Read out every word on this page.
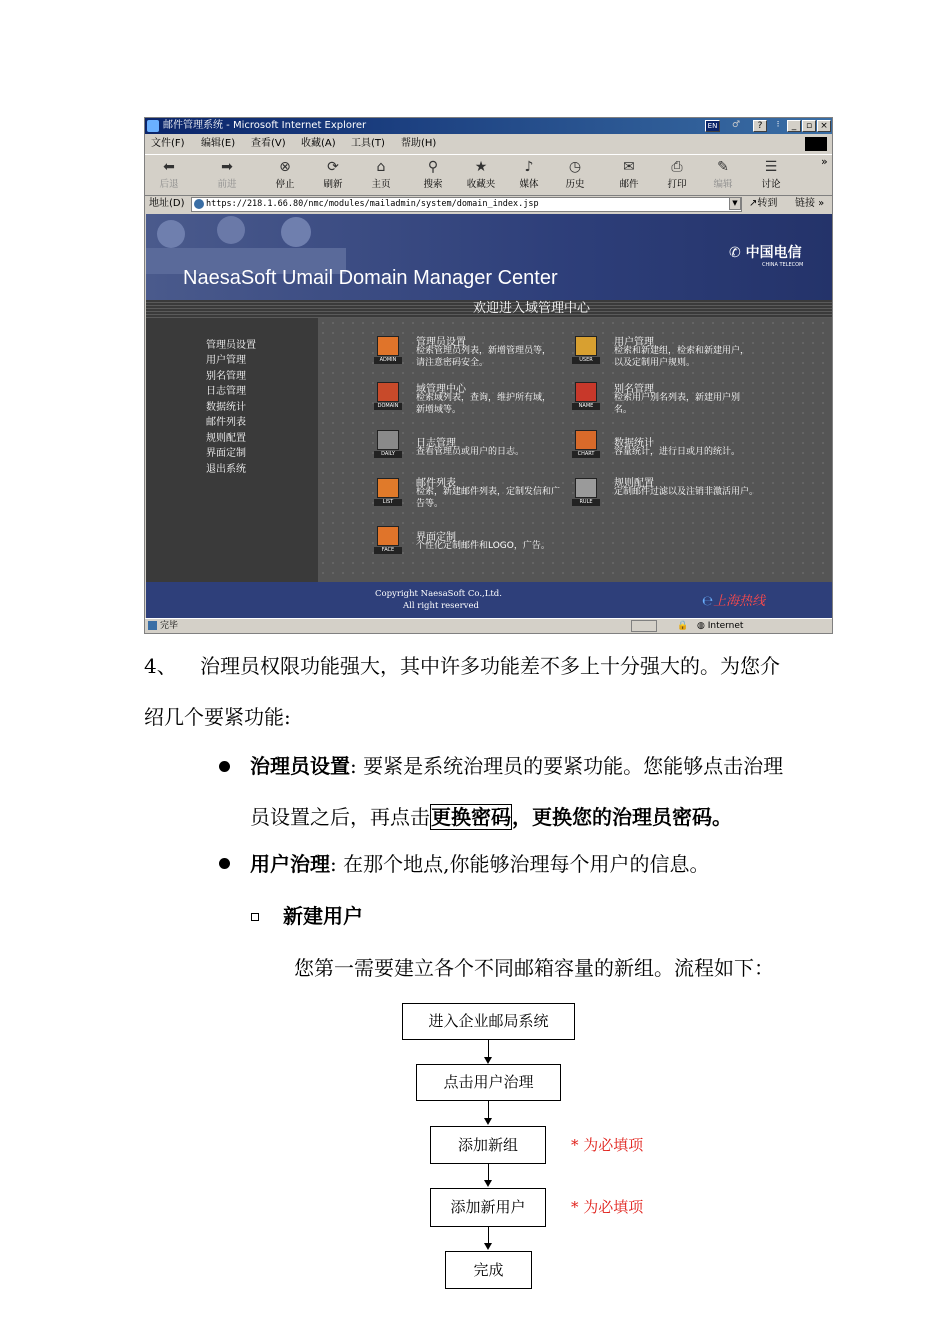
邮件管理系统 - Microsoft Internet Explorer	EN	♂	?	⁝	_	▫ ×
文件(F) 编辑(E) 查看(V) 收藏(A) 工具(T) 帮助(H)
⬅
后退
➡
前进
⊗
停止
⟳
刷新
⌂
主页
⚲
搜索
★
收藏夹
♪
媒体
◷
历史
✉
邮件
⎙
打印
✎
编辑
☰
讨论
»
地址(D)	https://218.1.66.80/nmc/modules/mailadmin/system/domain_index.jsp	▼	↗转到 链接 »
NaesaSoft Umail Domain Manager Center
✆ 中国电信
CHINA TELECOM
欢迎进入域管理中心
管理员设置
用户管理
别名管理
日志管理
数据统计
邮件列表
规则配置
界面定制
退出系统
ADMIN
管理员设置
检索管理员列表，新增管理员等，请注意密码安全。	USER
用户管理
检索和新建组，检索和新建用户，以及定制用户规则。
DOMAIN
域管理中心
检索域列表，查询，维护所有域，新增域等。	NAME
别名管理
检索用户别名列表，新建用户别名。
DAILY
日志管理
查看管理员或用户的日志。	CHART
数据统计
容量统计，进行日或月的统计。
LIST
邮件列表
检索，新建邮件列表，定制发信和广告等。	RULE
规则配置
定制邮件过滤以及注销非激活用户。
FACE
界面定制
个性化定制邮件和LOGO，广告。
Copyright NaesaSoft Co.,Ltd.
All right reserved	℮上海热线
完毕	🔒 ◍ Internet
4、 治理员权限功能强大，其中许多功能差不多上十分强大的。为您介
绍几个要紧功能:
治理员设置: 要紧是系统治理员的要紧功能。您能够点击治理
员设置之后，再点击更换密码，更换您的治理员密码。
用户治理: 在那个地点,你能够治理每个用户的信息。
新建用户
您第一需要建立各个不同邮箱容量的新组。流程如下：
进入企业邮局系统
点击用户治理
添加新组	* 为必填项
添加新用户	* 为必填项
完成
